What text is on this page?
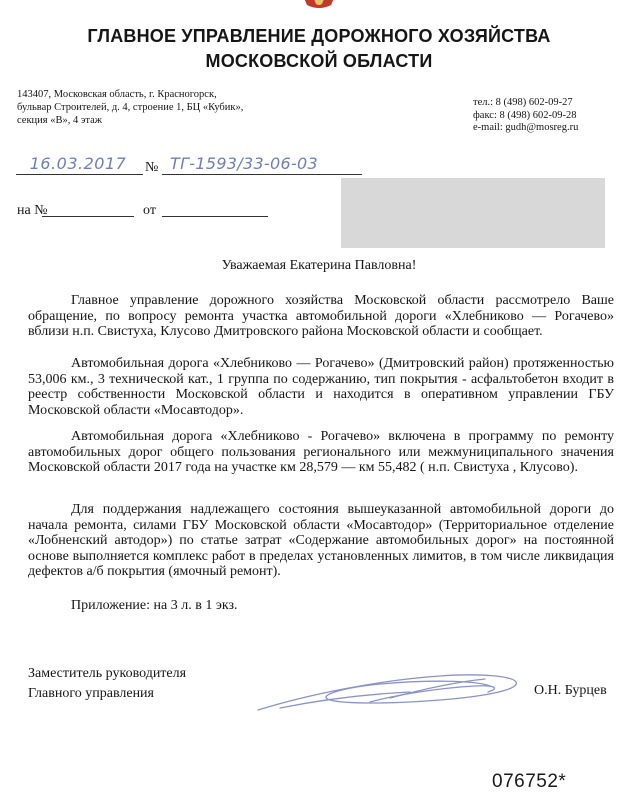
ГЛАВНОЕ УПРАВЛЕНИЕ ДОРОЖНОГО ХОЗЯЙСТВА
МОСКОВСКОЙ ОБЛАСТИ
143407, Московская область, г. Красногорск,
бульвар Строителей, д. 4, строение 1, БЦ «Кубик»,
секция «В», 4 этаж
тел.: 8 (498) 602-09-27
факс: 8 (498) 602-09-28
e-mail: gudh@mosreg.ru
16.03.2017	№ ТГ-1593/33-06-03
на №	от
Уважаемая Екатерина Павловна!
Главное управление дорожного хозяйства Московской области рассмотрело Ваше обращение, по вопросу ремонта участка автомобильной дороги «Хлебниково — Рогачево» вблизи н.п. Свистуха, Клусово Дмитровского района Московской области и сообщает.
Автомобильная дорога «Хлебниково — Рогачево» (Дмитровский район) протяженностью 53,006 км., 3 технической кат., 1 группа по содержанию, тип покрытия - асфальтобетон входит в реестр собственности Московской области и находится в оперативном управлении ГБУ Московской области «Мосавтодор».
Автомобильная дорога «Хлебниково - Рогачево» включена в программу по ремонту автомобильных дорог общего пользования регионального или межмуниципального значения Московской области 2017 года на участке км 28,579 — км 55,482 ( н.п. Свистуха , Клусово).
Для поддержания надлежащего состояния вышеуказанной автомобильной дороги до начала ремонта, силами ГБУ Московской области «Мосавтодор» (Территориальное отделение «Лобненский автодор») по статье затрат «Содержание автомобильных дорог» на постоянной основе выполняется комплекс работ в пределах установленных лимитов, в том числе ликвидация дефектов а/б покрытия (ямочный ремонт).
Приложение: на 3 л. в 1 экз.
Заместитель руководителя
Главного управления	О.Н. Бурцев
076752*
